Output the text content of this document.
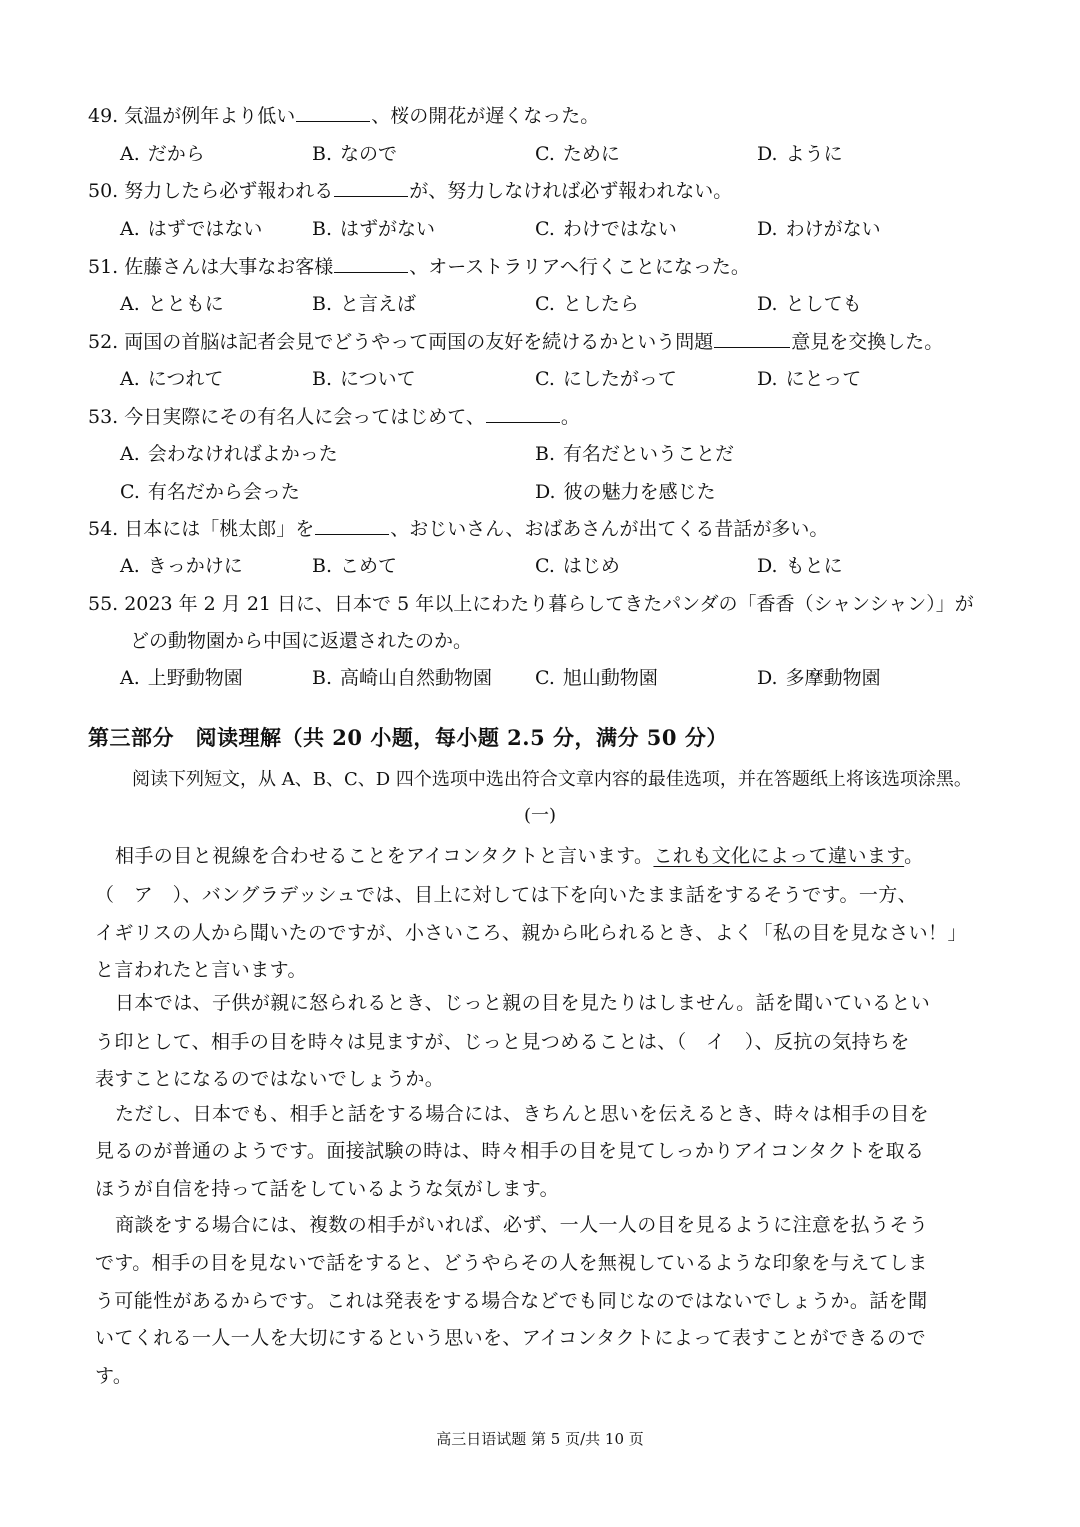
49. 気温が例年より低い	、桜の開花が遅くなった。
A. だから	B. なので	C. ために	D. ように
50. 努力したら必ず報われる	が、努力しなければ必ず報われない。
A. はずではない	B. はずがない	C. わけではない	D. わけがない
51. 佐藤さんは大事なお客様	、オーストラリアへ行くことになった。
A. とともに	B. と言えば	C. としたら	D. としても
52. 両国の首脳は記者会見でどうやって両国の友好を続けるかという問題	意見を交換した。
A. につれて	B. について	C. にしたがって	D. にとって
53. 今日実際にその有名人に会ってはじめて、	。
A. 会わなければよかった	B. 有名だということだ
C. 有名だから会った	D. 彼の魅力を感じた
54. 日本には「桃太郎」を	、おじいさん、おばあさんが出てくる昔話が多い。
A. きっかけに	B. こめて	C. はじめ	D. もとに
55. 2023 年 2 月 21 日に、日本で 5 年以上にわたり暮らしてきたパンダの「香香（シャンシャン）」が
どの動物園から中国に返還されたのか。
A. 上野動物園	B. 高崎山自然動物園 C. 旭山動物園	D. 多摩動物園
第三部分　阅读理解（共 20 小题，每小题 2.5 分，满分 50 分）
阅读下列短文，从 A、B、C、D 四个选项中选出符合文章内容的最佳选项，并在答题纸上将该选项涂黑。
(一)
相手の目と視線を合わせることをアイコンタクトと言います。これも文化によって違います。
（　ア　）、バングラデッシュでは、目上に対しては下を向いたまま話をするそうです。一方、
イギリスの人から聞いたのですが、小さいころ、親から叱られるとき、よく「私の目を見なさい！」
と言われたと言います。
日本では、子供が親に怒られるとき、じっと親の目を見たりはしません。話を聞いているとい
う印として、相手の目を時々は見ますが、じっと見つめることは、（　イ　）、反抗の気持ちを
表すことになるのではないでしょうか。
ただし、日本でも、相手と話をする場合には、きちんと思いを伝えるとき、時々は相手の目を
見るのが普通のようです。面接試験の時は、時々相手の目を見てしっかりアイコンタクトを取る
ほうが自信を持って話をしているような気がします。
商談をする場合には、複数の相手がいれば、必ず、一人一人の目を見るように注意を払うそう
です。相手の目を見ないで話をすると、どうやらその人を無視しているような印象を与えてしま
う可能性があるからです。これは発表をする場合などでも同じなのではないでしょうか。話を聞
いてくれる一人一人を大切にするという思いを、アイコンタクトによって表すことができるので
す。
高三日语试题 第 5 页/共 10 页
